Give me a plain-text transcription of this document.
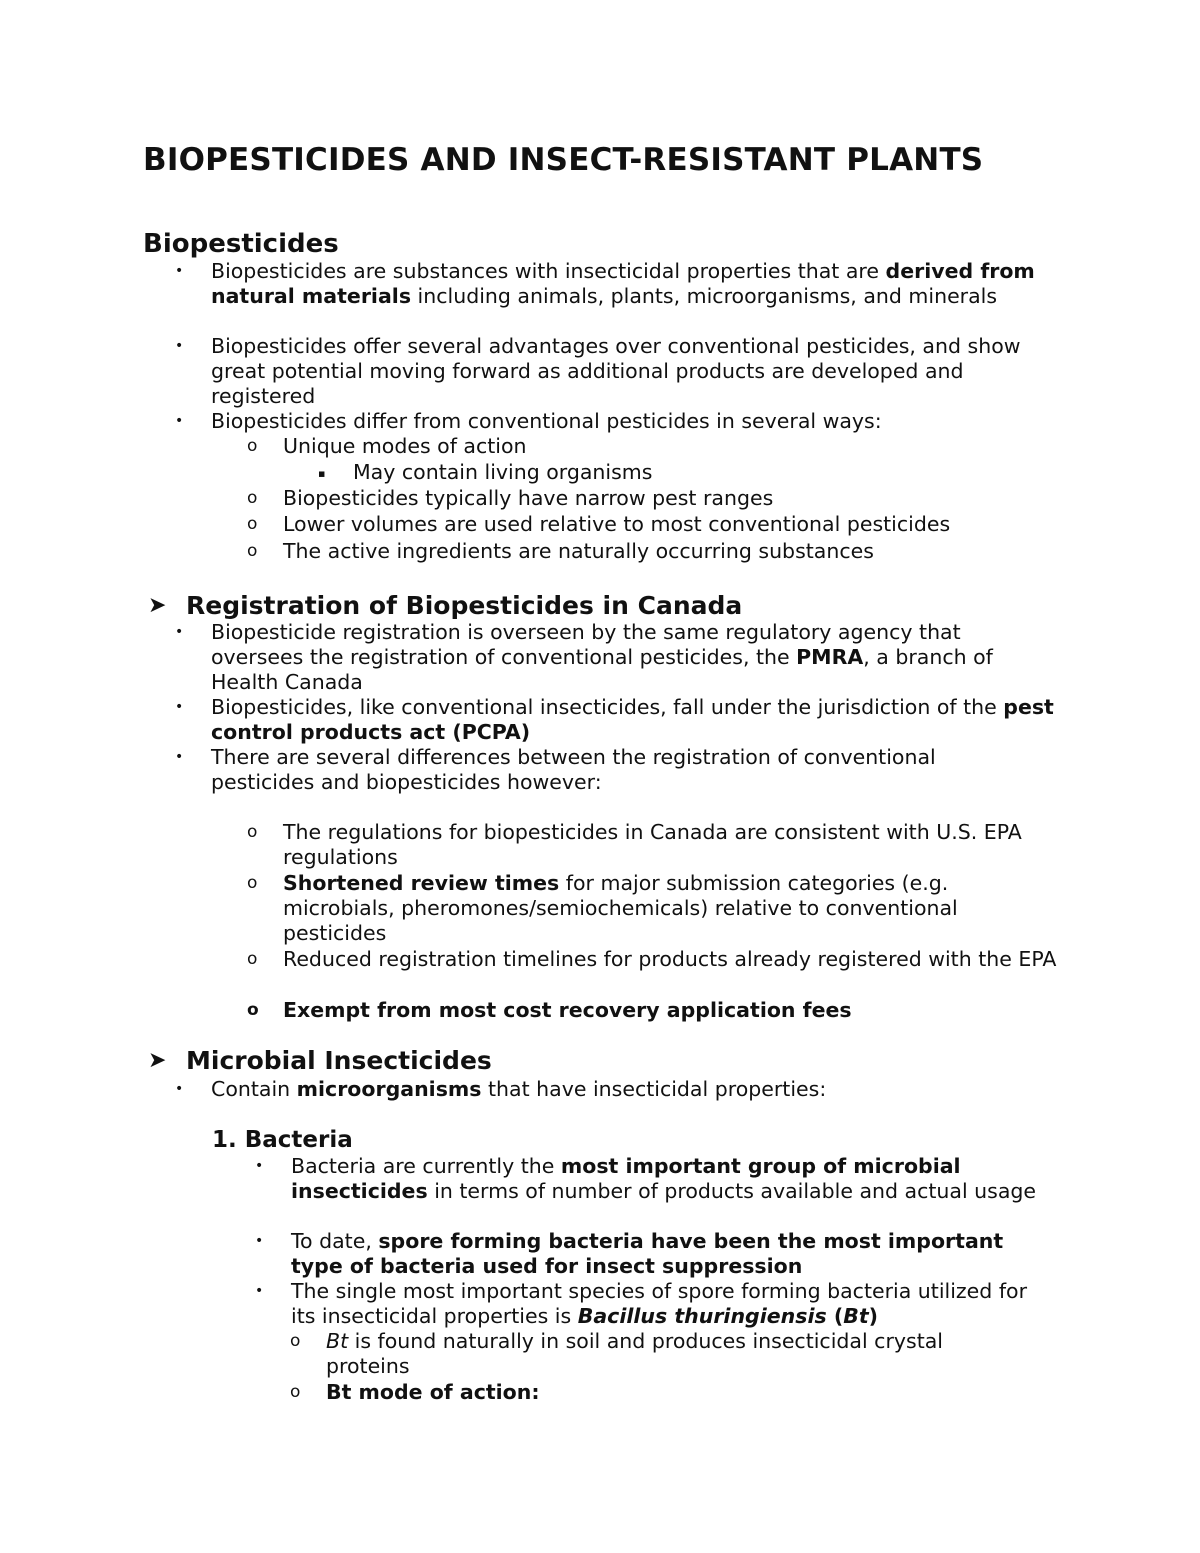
BIOPESTICIDES AND INSECT-RESISTANT PLANTS
Biopesticides
• Biopesticides are substances with insecticidal properties that are derived from natural materials including animals, plants, microorganisms, and minerals
• Biopesticides offer several advantages over conventional pesticides, and show great potential moving forward as additional products are developed and registered
• Biopesticides differ from conventional pesticides in several ways:
o Unique modes of action
▪ May contain living organisms
o Biopesticides typically have narrow pest ranges
o Lower volumes are used relative to most conventional pesticides
o The active ingredients are naturally occurring substances
➤ Registration of Biopesticides in Canada
• Biopesticide registration is overseen by the same regulatory agency that oversees the registration of conventional pesticides, the PMRA, a branch of Health Canada
• Biopesticides, like conventional insecticides, fall under the jurisdiction of the pest control products act (PCPA)
• There are several differences between the registration of conventional pesticides and biopesticides however:
o The regulations for biopesticides in Canada are consistent with U.S. EPA regulations
o Shortened review times for major submission categories (e.g. microbials, pheromones/semiochemicals) relative to conventional pesticides
o Reduced registration timelines for products already registered with the EPA
o Exempt from most cost recovery application fees
➤ Microbial Insecticides
• Contain microorganisms that have insecticidal properties:
1. Bacteria
• Bacteria are currently the most important group of microbial insecticides in terms of number of products available and actual usage
• To date, spore forming bacteria have been the most important type of bacteria used for insect suppression
• The single most important species of spore forming bacteria utilized for its insecticidal properties is Bacillus thuringiensis (Bt)
o Bt is found naturally in soil and produces insecticidal crystal proteins
o Bt mode of action:
